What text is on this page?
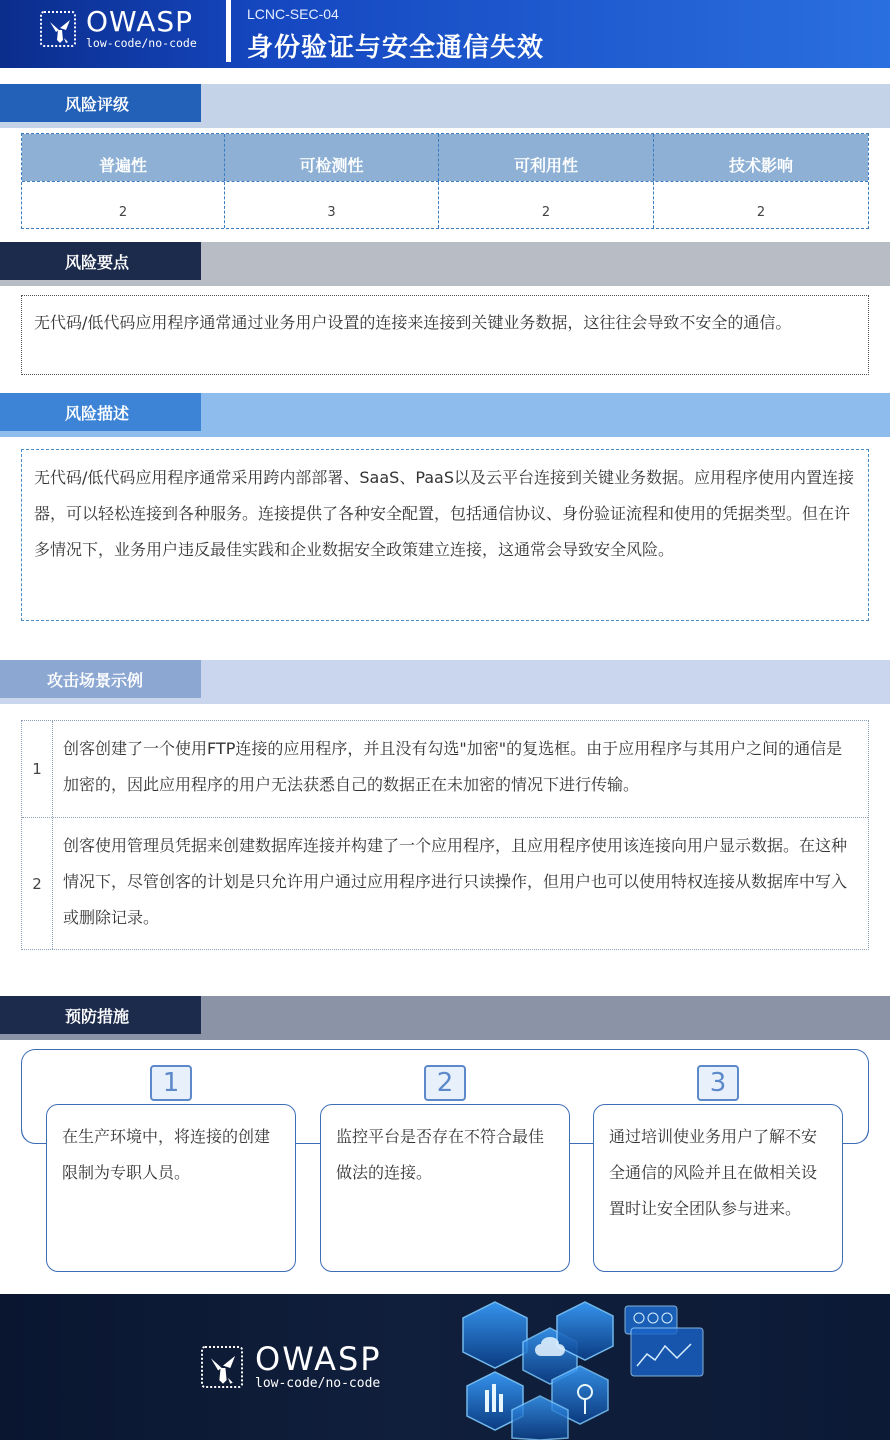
OWASP
low-code/no-code
LCNC-SEC-04
身份验证与安全通信失效
风险评级
普遍性	可检测性	可利用性	技术影响
2	3	2	2
风险要点
无代码/低代码应用程序通常通过业务用户设置的连接来连接到关键业务数据，这往往会导致不安全的通信。
风险描述
无代码/低代码应用程序通常采用跨内部部署、SaaS、PaaS以及云平台连接到关键业务数据。应用程序使用内置连接器，可以轻松连接到各种服务。连接提供了各种安全配置，包括通信协议、身份验证流程和使用的凭据类型。但在许多情况下，业务用户违反最佳实践和企业数据安全政策建立连接，这通常会导致安全风险。
攻击场景示例
1
创客创建了一个使用FTP连接的应用程序，并且没有勾选"加密"的复选框。由于应用程序与其用户之间的通信是加密的，因此应用程序的用户无法获悉自己的数据正在未加密的情况下进行传输。
2
创客使用管理员凭据来创建数据库连接并构建了一个应用程序，且应用程序使用该连接向用户显示数据。在这种情况下，尽管创客的计划是只允许用户通过应用程序进行只读操作，但用户也可以使用特权连接从数据库中写入或删除记录。
预防措施
1	2	3
在生产环境中，将连接的创建限制为专职人员。
监控平台是否存在不符合最佳做法的连接。
通过培训使业务用户了解不安全通信的风险并且在做相关设置时让安全团队参与进来。
OWASP
low-code/no-code
